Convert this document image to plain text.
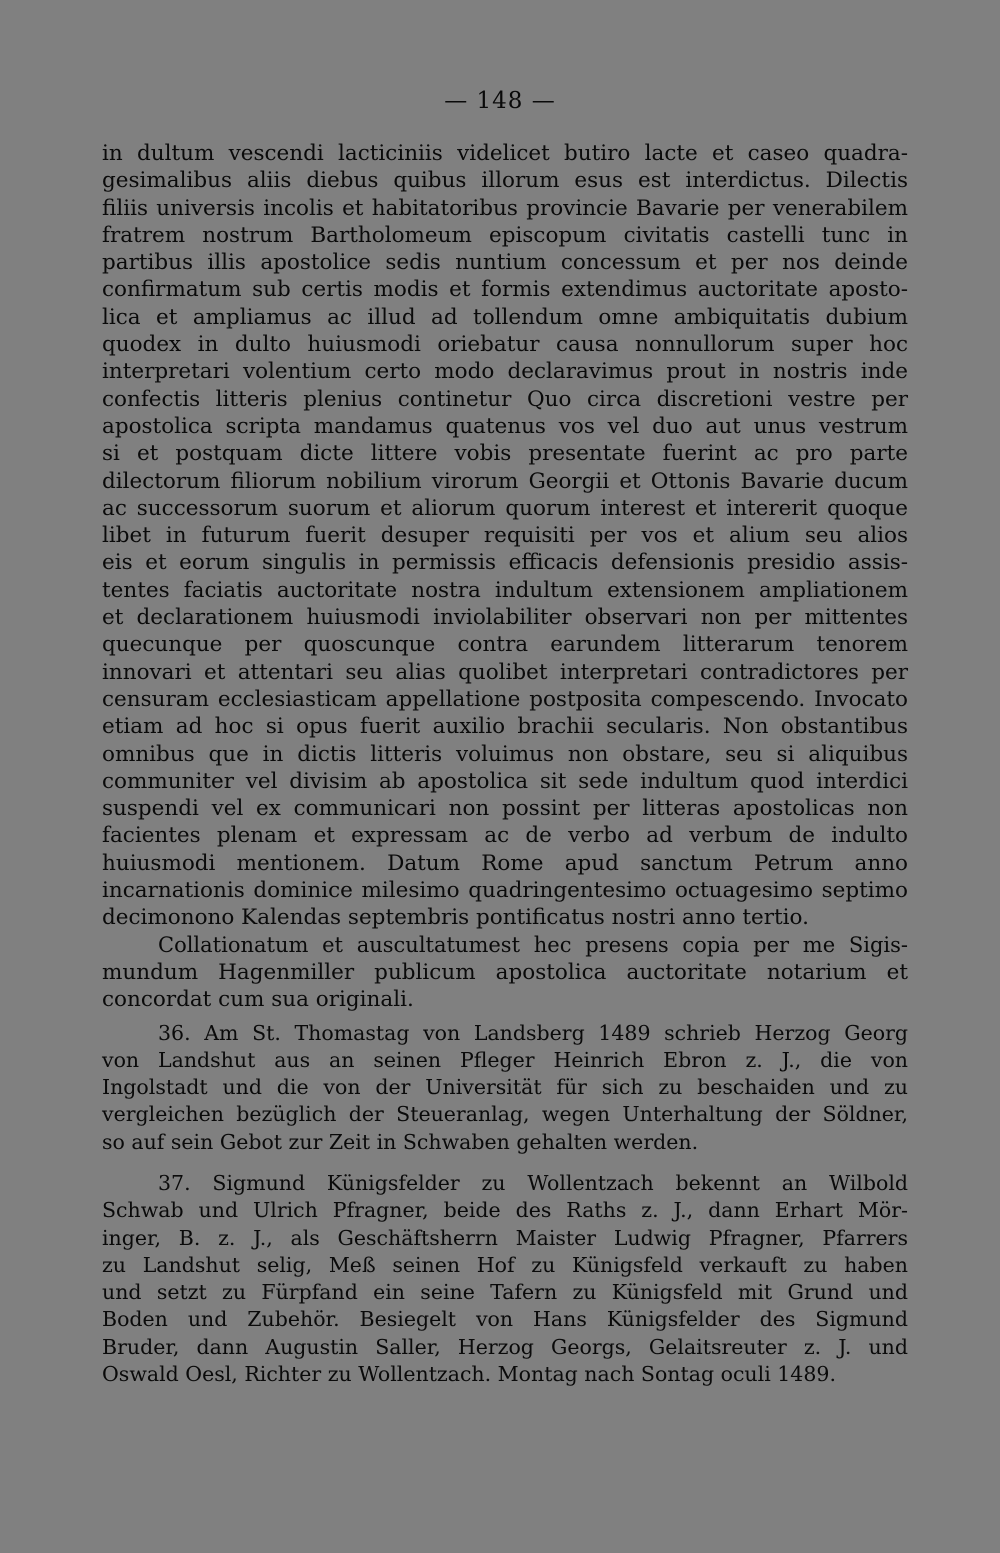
— 148 —
in dultum vescendi lacticiniis videlicet butiro lacte et caseo quadra-
gesimalibus aliis diebus quibus illorum esus est interdictus. Dilectis
filiis universis incolis et habitatoribus provincie Bavarie per venerabilem
fratrem nostrum Bartholomeum episcopum civitatis castelli tunc in
partibus illis apostolice sedis nuntium concessum et per nos deinde
confirmatum sub certis modis et formis extendimus auctoritate aposto-
lica et ampliamus ac illud ad tollendum omne ambiquitatis dubium
quodex in dulto huiusmodi oriebatur causa nonnullorum super hoc
interpretari volentium certo modo declaravimus prout in nostris inde
confectis litteris plenius continetur Quo circa discretioni vestre per
apostolica scripta mandamus quatenus vos vel duo aut unus vestrum
si et postquam dicte littere vobis presentate fuerint ac pro parte
dilectorum filiorum nobilium virorum Georgii et Ottonis Bavarie ducum
ac successorum suorum et aliorum quorum interest et intererit quoque
libet in futurum fuerit desuper requisiti per vos et alium seu alios
eis et eorum singulis in permissis efficacis defensionis presidio assis-
tentes faciatis auctoritate nostra indultum extensionem ampliationem
et declarationem huiusmodi inviolabiliter observari non per mittentes
quecunque per quoscunque contra earundem litterarum tenorem
innovari et attentari seu alias quolibet interpretari contradictores per
censuram ecclesiasticam appellatione postposita compescendo. Invocato
etiam ad hoc si opus fuerit auxilio brachii secularis. Non obstantibus
omnibus que in dictis litteris voluimus non obstare, seu si aliquibus
communiter vel divisim ab apostolica sit sede indultum quod interdici
suspendi vel ex communicari non possint per litteras apostolicas non
facientes plenam et expressam ac de verbo ad verbum de indulto
huiusmodi mentionem. Datum Rome apud sanctum Petrum anno
incarnationis dominice milesimo quadringentesimo octuagesimo septimo
decimonono Kalendas septembris pontificatus nostri anno tertio.
Collationatum et auscultatumest hec presens copia per me Sigis-
mundum Hagenmiller publicum apostolica auctoritate notarium et
concordat cum sua originali.
36. Am St. Thomastag von Landsberg 1489 schrieb Herzog Georg
von Landshut aus an seinen Pfleger Heinrich Ebron z. J., die von
Ingolstadt und die von der Universität für sich zu beschaiden und zu
vergleichen bezüglich der Steueranlag, wegen Unterhaltung der Söldner,
so auf sein Gebot zur Zeit in Schwaben gehalten werden.
37. Sigmund Künigsfelder zu Wollentzach bekennt an Wilbold
Schwab und Ulrich Pfragner, beide des Raths z. J., dann Erhart Mör-
inger, B. z. J., als Geschäftsherrn Maister Ludwig Pfragner, Pfarrers
zu Landshut selig, Meß seinen Hof zu Künigsfeld verkauft zu haben
und setzt zu Fürpfand ein seine Tafern zu Künigsfeld mit Grund und
Boden und Zubehör. Besiegelt von Hans Künigsfelder des Sigmund
Bruder, dann Augustin Saller, Herzog Georgs, Gelaitsreuter z. J. und
Oswald Oesl, Richter zu Wollentzach. Montag nach Sontag oculi 1489.
